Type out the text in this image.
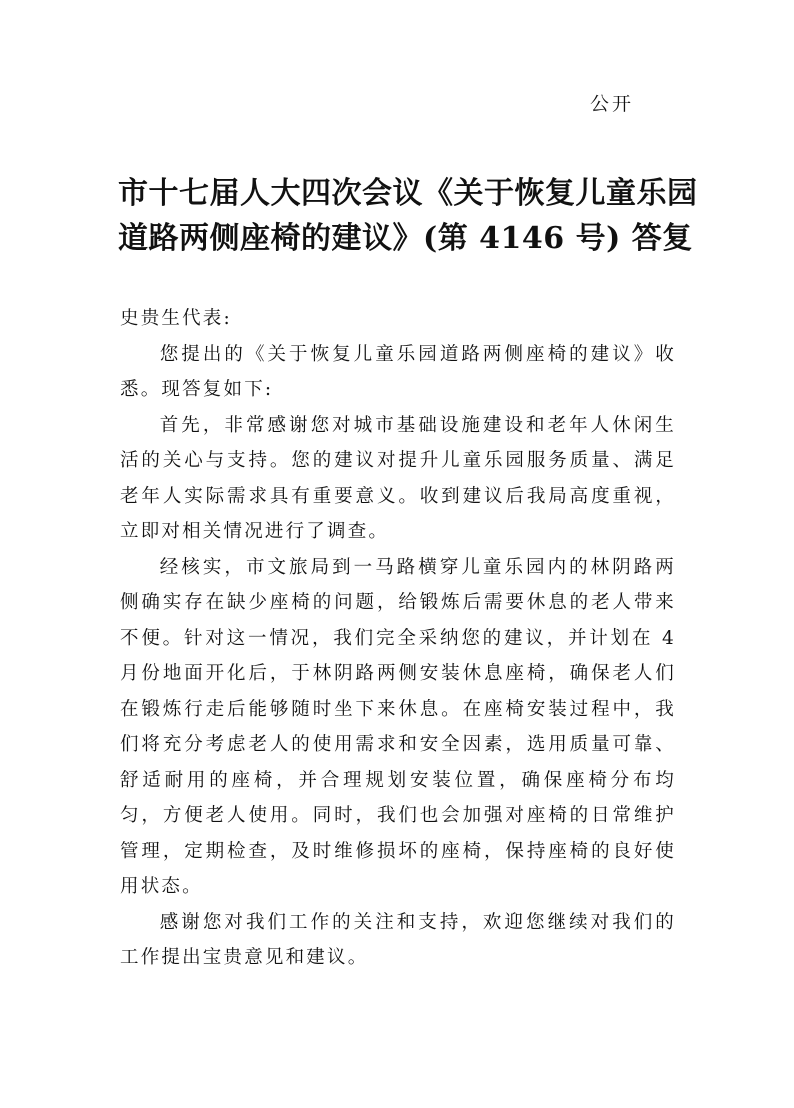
公开
市十七届人大四次会议《关于恢复儿童乐园
道路两侧座椅的建议》(第 4146 号) 答复

史贵生代表:

您提出的《关于恢复儿童乐园道路两侧座椅的建议》收悉。现答复如下:

首先，非常感谢您对城市基础设施建设和老年人休闲生活的关心与支持。您的建议对提升儿童乐园服务质量、满足老年人实际需求具有重要意义。收到建议后我局高度重视，立即对相关情况进行了调查。

经核实，市文旅局到一马路横穿儿童乐园内的林阴路两侧确实存在缺少座椅的问题，给锻炼后需要休息的老人带来不便。针对这一情况，我们完全采纳您的建议，并计划在 4 月份地面开化后，于林阴路两侧安装休息座椅，确保老人们在锻炼行走后能够随时坐下来休息。在座椅安装过程中，我们将充分考虑老人的使用需求和安全因素，选用质量可靠、舒适耐用的座椅，并合理规划安装位置，确保座椅分布均匀，方便老人使用。同时，我们也会加强对座椅的日常维护管理，定期检查，及时维修损坏的座椅，保持座椅的良好使用状态。

感谢您对我们工作的关注和支持，欢迎您继续对我们的工作提出宝贵意见和建议。
